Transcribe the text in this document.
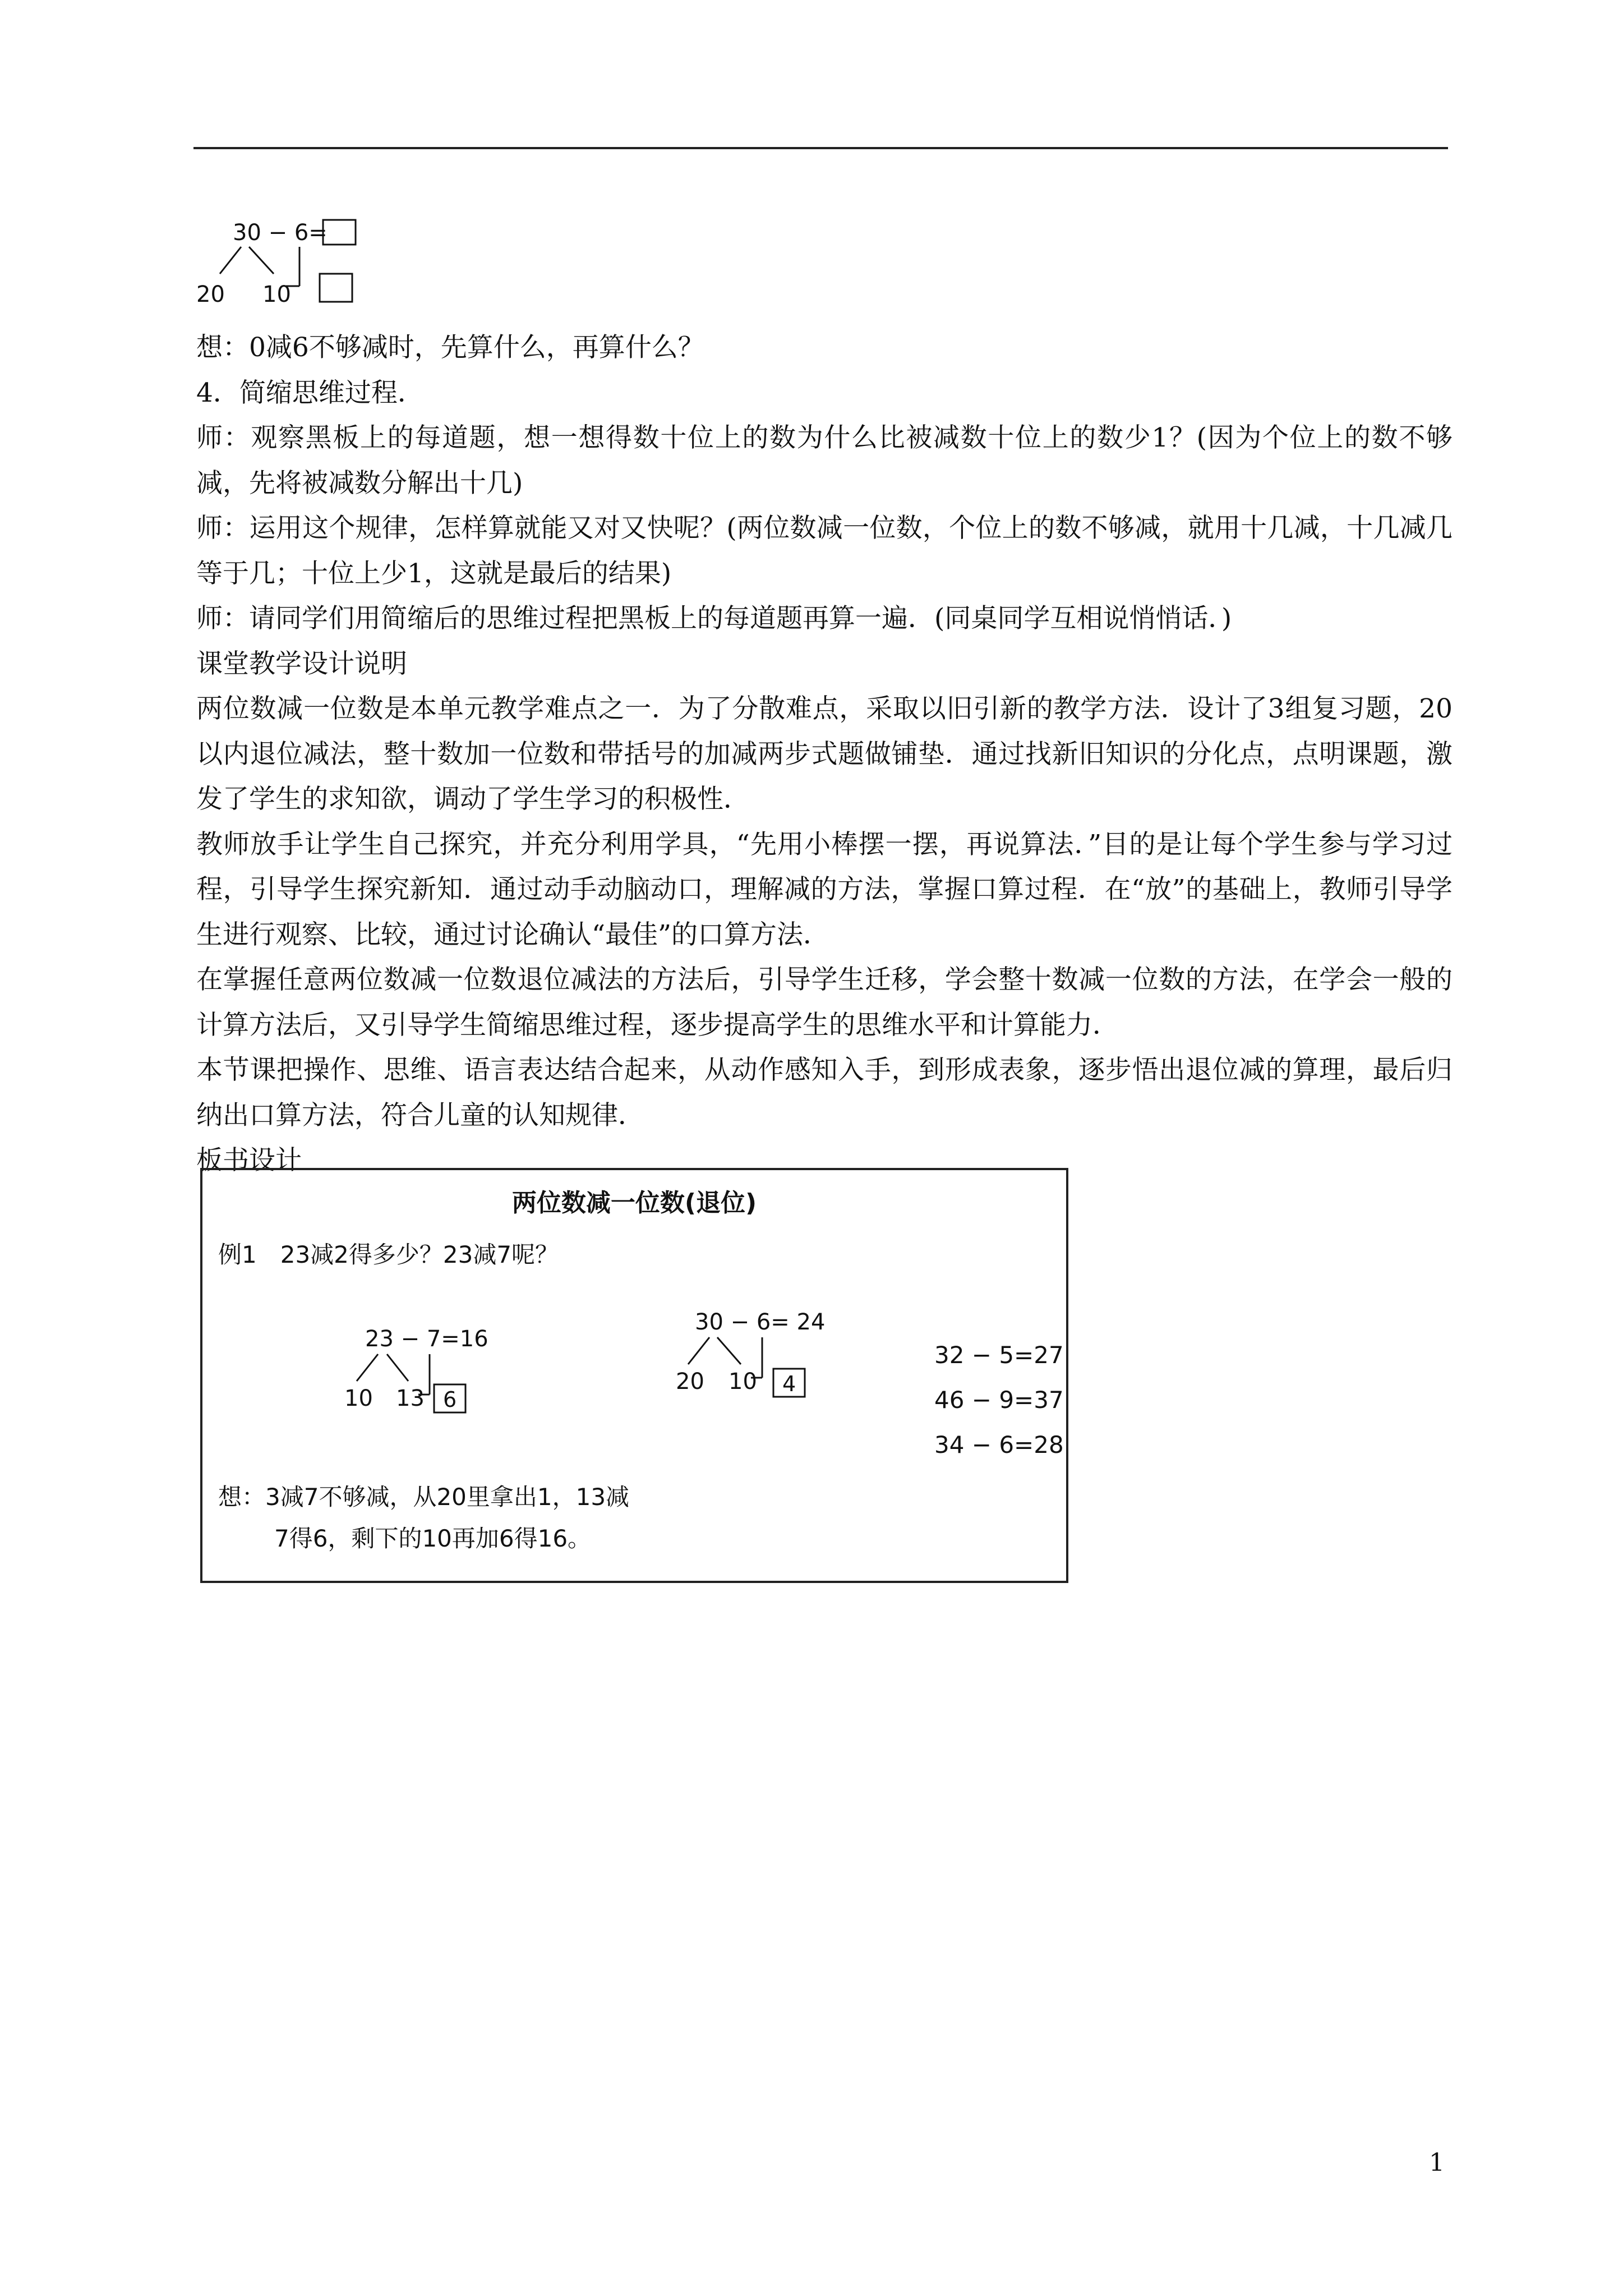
30 − 6=
20 10

想：0减6不够减时，先算什么，再算什么？

4．简缩思维过程．

师：观察黑板上的每道题，想一想得数十位上的数为什么比被减数十位上的数少1？(因为个位上的数不够减，先将被减数分解出十几)

师：运用这个规律，怎样算就能又对又快呢？(两位数减一位数，个位上的数不够减，就用十几减，十几减几等于几；十位上少1，这就是最后的结果)

师：请同学们用简缩后的思维过程把黑板上的每道题再算一遍．(同桌同学互相说悄悄话．)

课堂教学设计说明

两位数减一位数是本单元教学难点之一．为了分散难点，采取以旧引新的教学方法．设计了3组复习题，20以内退位减法，整十数加一位数和带括号的加减两步式题做铺垫．通过找新旧知识的分化点，点明课题，激发了学生的求知欲，调动了学生学习的积极性．

教师放手让学生自己探究，并充分利用学具，“先用小棒摆一摆，再说算法．”目的是让每个学生参与学习过程，引导学生探究新知．通过动手动脑动口，理解减的方法，掌握口算过程．在“放”的基础上，教师引导学生进行观察、比较，通过讨论确认“最佳”的口算方法．

在掌握任意两位数减一位数退位减法的方法后，引导学生迁移，学会整十数减一位数的方法，在学会一般的计算方法后，又引导学生简缩思维过程，逐步提高学生的思维水平和计算能力．

本节课把操作、思维、语言表达结合起来，从动作感知入手，到形成表象，逐步悟出退位减的算理，最后归纳出口算方法，符合儿童的认知规律．

板书设计

两位数减一位数(退位)
例1　23减2得多少？23减7呢？
23 − 7=16
10 13 6
30 − 6= 24
20 10 4
32 − 5=27
46 − 9=37
34 − 6=28
想：3减7不够减，从20里拿出1，13减
7得6，剩下的10再加6得16。
1
